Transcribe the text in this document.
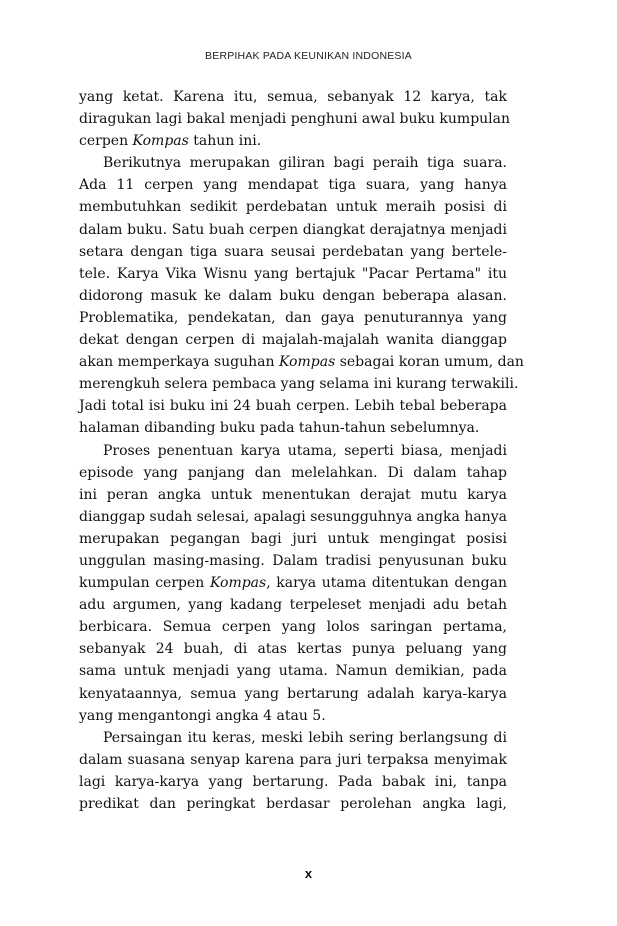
BERPIHAK PADA KEUNIKAN INDONESIA

yang ketat. Karena itu, semua, sebanyak 12 karya, tak
diragukan lagi bakal menjadi penghuni awal buku kumpulan
cerpen Kompas tahun ini.

Berikutnya merupakan giliran bagi peraih tiga suara.
Ada 11 cerpen yang mendapat tiga suara, yang hanya
membutuhkan sedikit perdebatan untuk meraih posisi di
dalam buku. Satu buah cerpen diangkat derajatnya menjadi
setara dengan tiga suara seusai perdebatan yang bertele-
tele. Karya Vika Wisnu yang bertajuk "Pacar Pertama" itu
didorong masuk ke dalam buku dengan beberapa alasan.
Problematika, pendekatan, dan gaya penuturannya yang
dekat dengan cerpen di majalah-majalah wanita dianggap
akan memperkaya suguhan Kompas sebagai koran umum, dan
merengkuh selera pembaca yang selama ini kurang terwakili.
Jadi total isi buku ini 24 buah cerpen. Lebih tebal beberapa
halaman dibanding buku pada tahun-tahun sebelumnya.

Proses penentuan karya utama, seperti biasa, menjadi
episode yang panjang dan melelahkan. Di dalam tahap
ini peran angka untuk menentukan derajat mutu karya
dianggap sudah selesai, apalagi sesungguhnya angka hanya
merupakan pegangan bagi juri untuk mengingat posisi
unggulan masing-masing. Dalam tradisi penyusunan buku
kumpulan cerpen Kompas, karya utama ditentukan dengan
adu argumen, yang kadang terpeleset menjadi adu betah
berbicara. Semua cerpen yang lolos saringan pertama,
sebanyak 24 buah, di atas kertas punya peluang yang
sama untuk menjadi yang utama. Namun demikian, pada
kenyataannya, semua yang bertarung adalah karya-karya
yang mengantongi angka 4 atau 5.

Persaingan itu keras, meski lebih sering berlangsung di
dalam suasana senyap karena para juri terpaksa menyimak
lagi karya-karya yang bertarung. Pada babak ini, tanpa
predikat dan peringkat berdasar perolehan angka lagi,

x
